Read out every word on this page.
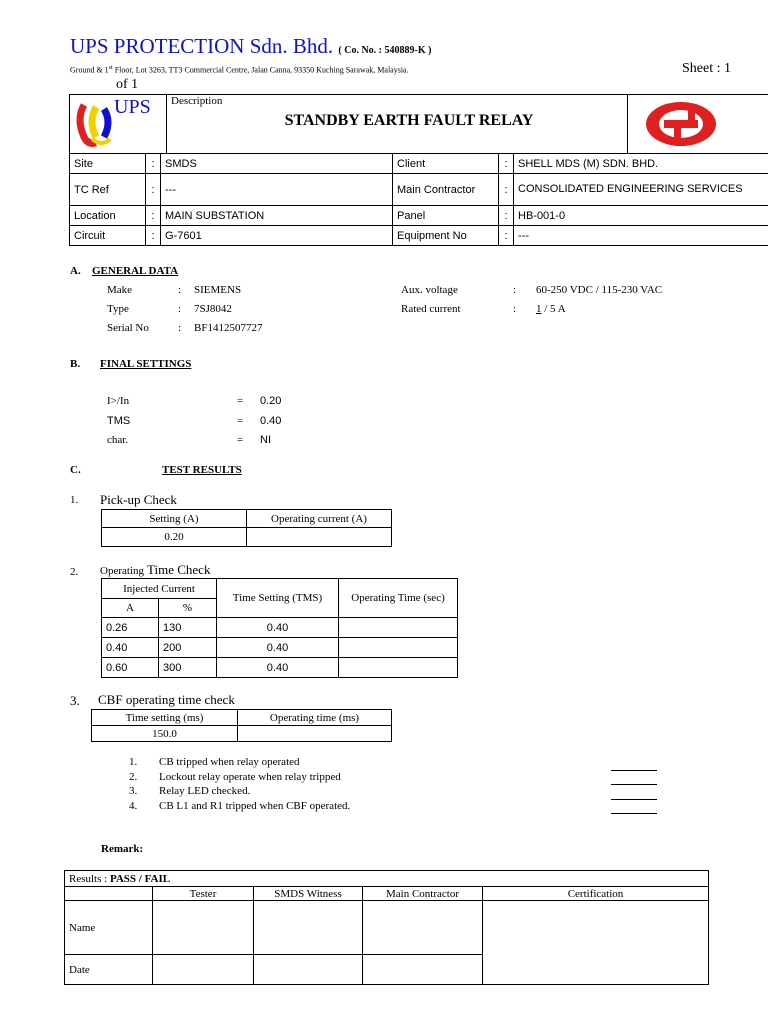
UPS PROTECTION Sdn. Bhd. ( Co. No. : 540889-K )
Ground & 1st Floor, Lot 3263, TT3 Commercial Centre, Jalan Canna, 93350 Kuching Sarawak, Malaysia.	Sheet : 1
of 1
UPS Description
STANDBY EARTH FAULT RELAY
Site	:	SMDS	Client	:	SHELL MDS (M) SDN. BHD.
TC Ref	:	---	Main Contractor	:	CONSOLIDATED ENGINEERING SERVICES
Location	:	MAIN SUBSTATION	Panel	:	HB-001-0
Circuit	:	G-7601	Equipment No	:	---
A. GENERAL DATA
Make	: SIEMENS	Aux. voltage	: 60-250 VDC / 115-230 VAC
Type	: 7SJ8042	Rated current	: 1 / 5 A
Serial No	: BF1412507727
B. FINAL SETTINGS
I>/In	= 0.20
TMS	= 0.40
char.	= NI
C.	TEST RESULTS
1. Pick-up Check
Setting (A)	Operating current (A)
0.20	
2. Operating Time Check
Injected Current		Time Setting (TMS)	Operating Time (sec)
A	%		
0.26	130	0.40	
0.40	200	0.40	
0.60	300	0.40	
3. CBF operating time check
Time setting (ms)	Operating time (ms)
150.0	
1. CB tripped when relay operated
2. Lockout relay operate when relay tripped
3. Relay LED checked.
4. CB L1 and R1 tripped when CBF operated.
Remark:
Results : PASS / FAIL				
	Tester	SMDS Witness	Main Contractor	Certification
Name				
Date				
